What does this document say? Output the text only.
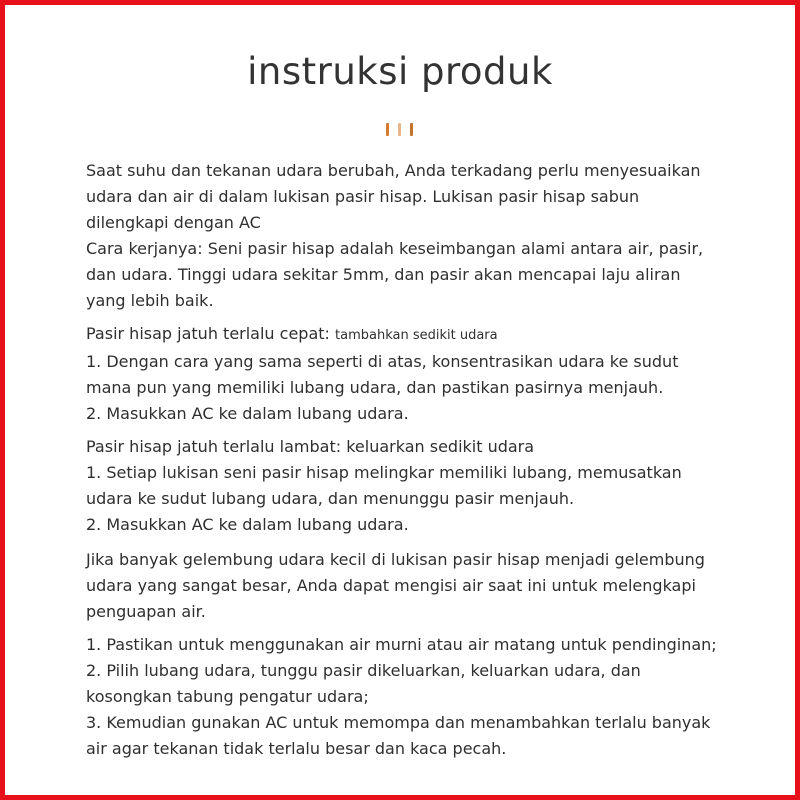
instruksi produk

Saat suhu dan tekanan udara berubah, Anda terkadang perlu menyesuaikan udara dan air di dalam lukisan pasir hisap. Lukisan pasir hisap sabun dilengkapi dengan AC

Cara kerjanya: Seni pasir hisap adalah keseimbangan alami antara air, pasir, dan udara. Tinggi udara sekitar 5mm, dan pasir akan mencapai laju aliran yang lebih baik.

Pasir hisap jatuh terlalu cepat: tambahkan sedikit udara

1. Dengan cara yang sama seperti di atas, konsentrasikan udara ke sudut mana pun yang memiliki lubang udara, dan pastikan pasirnya menjauh.

2. Masukkan AC ke dalam lubang udara.

Pasir hisap jatuh terlalu lambat: keluarkan sedikit udara

1. Setiap lukisan seni pasir hisap melingkar memiliki lubang, memusatkan udara ke sudut lubang udara, dan menunggu pasir menjauh.

2. Masukkan AC ke dalam lubang udara.

Jika banyak gelembung udara kecil di lukisan pasir hisap menjadi gelembung udara yang sangat besar, Anda dapat mengisi air saat ini untuk melengkapi penguapan air.

1. Pastikan untuk menggunakan air murni atau air matang untuk pendinginan;

2. Pilih lubang udara, tunggu pasir dikeluarkan, keluarkan udara, dan kosongkan tabung pengatur udara;

3. Kemudian gunakan AC untuk memompa dan menambahkan terlalu banyak air agar tekanan tidak terlalu besar dan kaca pecah.
